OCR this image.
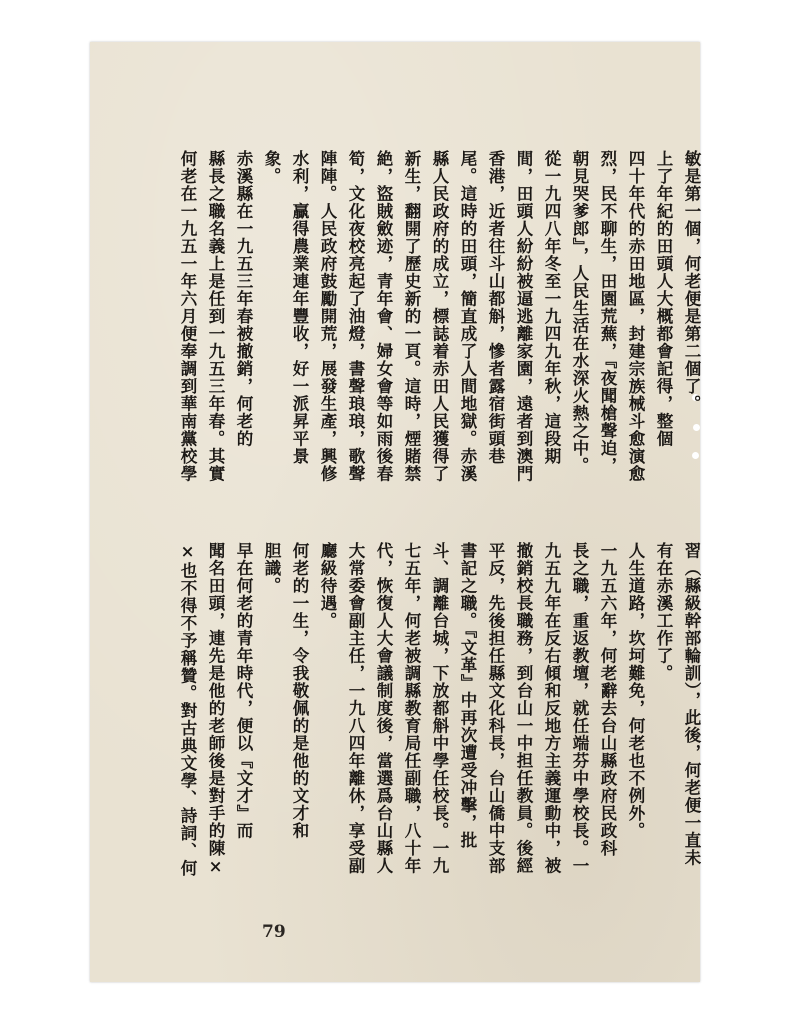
敏是第一個，何老便是第二個了。
上了年紀的田頭人大概都會記得，整個
四十年代的赤田地區，封建宗族械斗愈演愈
烈，民不聊生，田園荒蕪，『夜聞槍聲迫，
朝見哭爹郎』，人民生活在水深火熱之中。
從一九四八年冬至一九四九年秋，這段期
間，田頭人紛紛被逼逃離家園，遠者到澳門
香港，近者往斗山都斛，慘者露宿街頭巷
尾。這時的田頭，簡直成了人間地獄。赤溪
縣人民政府的成立，標誌着赤田人民獲得了
新生，翻開了歷史新的一頁。這時，煙賭禁
絶，盜賊斂迹，青年會、婦女會等如雨後春
筍，文化夜校亮起了油燈，書聲琅琅，歌聲
陣陣。人民政府鼓勵開荒，展發生產，興修
水利，贏得農業連年豐收，好一派昇平景
象。
赤溪縣在一九五三年春被撤銷，何老的
縣長之職名義上是任到一九五三年春。其實
何老在一九五一年六月便奉調到華南黨校學
習（縣級幹部輪訓），此後，何老便一直未
有在赤溪工作了。
人生道路，坎坷難免，何老也不例外。
一九五六年，何老辭去台山縣政府民政科
長之職，重返教壇，就任端芬中學校長。一
九五九年在反右傾和反地方主義運動中，被
撤銷校長職務，到台山一中担任教員。後經
平反，先後担任縣文化科長，台山僑中支部
書記之職。『文革』中再次遭受冲擊，批
斗、調離台城，下放都斛中學任校長。一九
七五年，何老被調縣教育局任副職，八十年
代，恢復人大會議制度後，當選爲台山縣人
大常委會副主任，一九八四年離休，享受副
廳級待遇。
何老的一生，令我敬佩的是他的文才和
胆識。
早在何老的青年時代，便以『文才』而
聞名田頭，連先是他的老師後是對手的陳×
×也不得不予稱贊。對古典文學、詩詞、何
79
